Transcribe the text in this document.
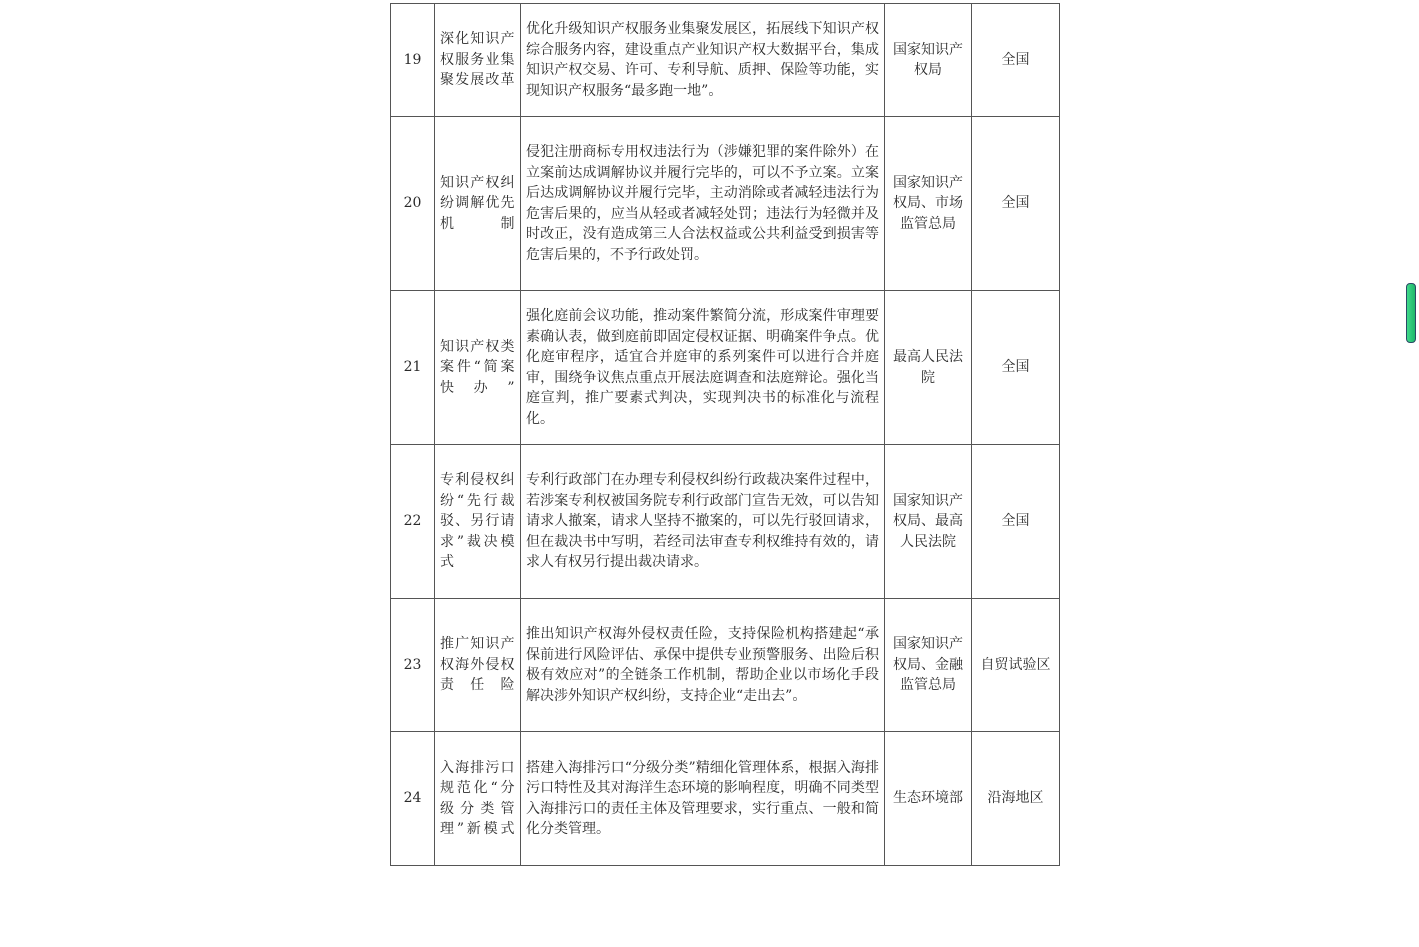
19	深化知识产权服务业集聚发展改革	优化升级知识产权服务业集聚发展区，拓展线下知识产权综合服务内容，建设重点产业知识产权大数据平台，集成知识产权交易、许可、专利导航、质押、保险等功能，实现知识产权服务“最多跑一地”。	国家知识产权局	全国
20	知识产权纠纷调解优先机制	侵犯注册商标专用权违法行为（涉嫌犯罪的案件除外）在立案前达成调解协议并履行完毕的，可以不予立案。立案后达成调解协议并履行完毕，主动消除或者减轻违法行为危害后果的，应当从轻或者减轻处罚；违法行为轻微并及时改正，没有造成第三人合法权益或公共利益受到损害等危害后果的，不予行政处罚。	国家知识产权局、市场监管总局	全国
21	知识产权类案件“简案快办”	强化庭前会议功能，推动案件繁简分流，形成案件审理要素确认表，做到庭前即固定侵权证据、明确案件争点。优化庭审程序，适宜合并庭审的系列案件可以进行合并庭审，围绕争议焦点重点开展法庭调查和法庭辩论。强化当庭宣判，推广要素式判决，实现判决书的标准化与流程化。	最高人民法院	全国
22	专利侵权纠纷“先行裁驳、另行请求”裁决模式	专利行政部门在办理专利侵权纠纷行政裁决案件过程中，若涉案专利权被国务院专利行政部门宣告无效，可以告知请求人撤案，请求人坚持不撤案的，可以先行驳回请求，但在裁决书中写明，若经司法审查专利权维持有效的，请求人有权另行提出裁决请求。	国家知识产权局、最高人民法院	全国
23	推广知识产权海外侵权责任险	推出知识产权海外侵权责任险，支持保险机构搭建起“承保前进行风险评估、承保中提供专业预警服务、出险后积极有效应对”的全链条工作机制，帮助企业以市场化手段解决涉外知识产权纠纷，支持企业“走出去”。	国家知识产权局、金融监管总局	自贸试验区
24	入海排污口规范化“分级分类管理”新模式	搭建入海排污口“分级分类”精细化管理体系，根据入海排污口特性及其对海洋生态环境的影响程度，明确不同类型入海排污口的责任主体及管理要求，实行重点、一般和简化分类管理。	生态环境部	沿海地区
